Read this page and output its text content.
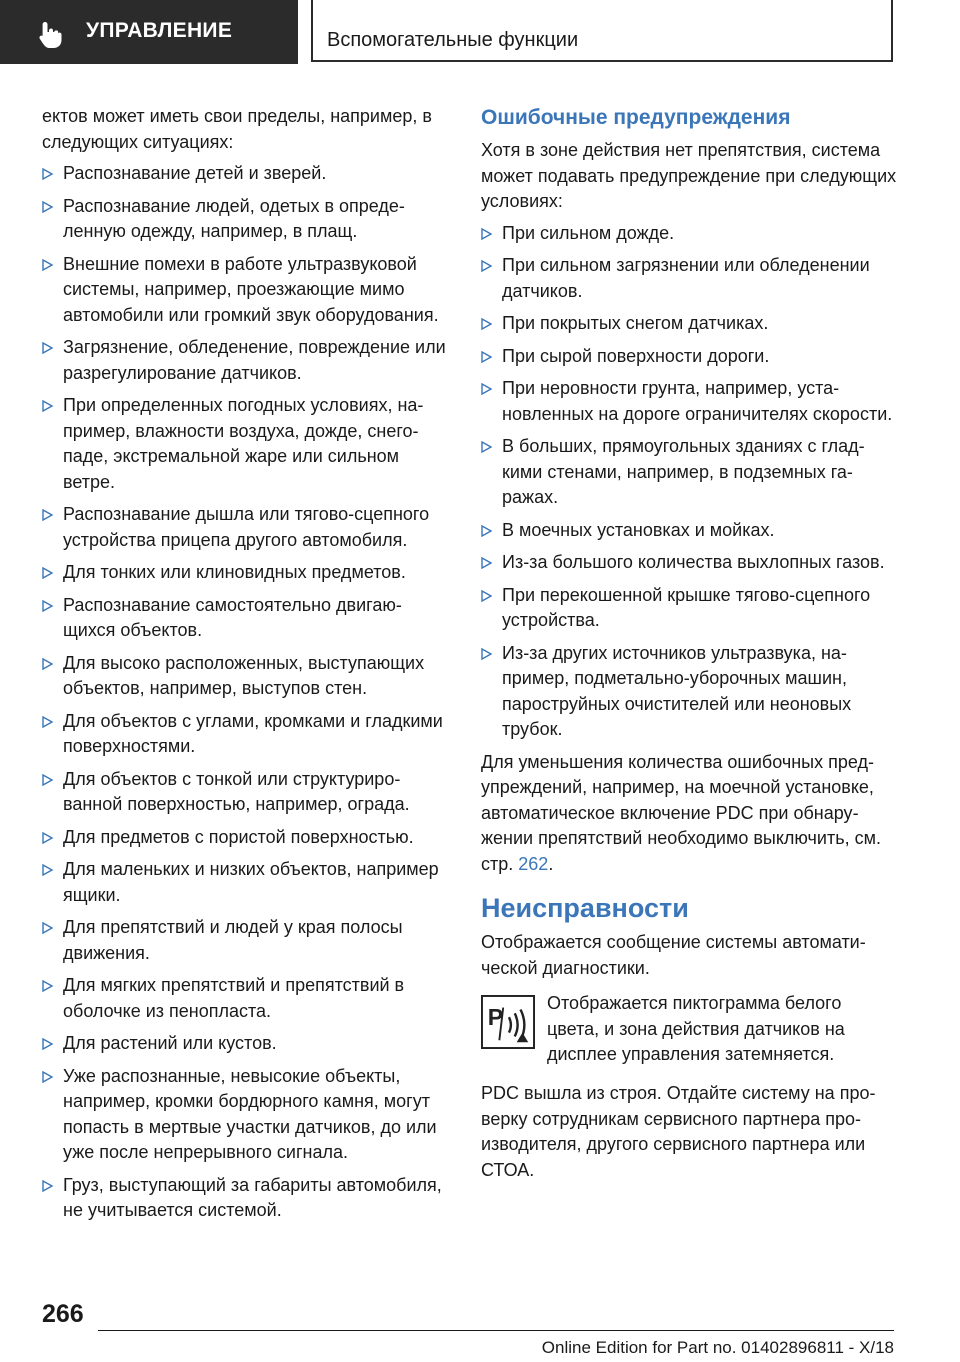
УПРАВЛЕНИЕ	Вспомогательные функции

ектов может иметь свои пределы, например, в следующих ситуациях:

Распознавание детей и зверей.
Распознавание людей, одетых в определенную одежду, например, в плащ.
Внешние помехи в работе ультразвуковой системы, например, проезжающие мимо автомобили или громкий звук оборудования.
Загрязнение, обледенение, повреждение или разрегулирование датчиков.
При определенных погодных условиях, например, влажности воздуха, дожде, снегопаде, экстремальной жаре или сильном ветре.
Распознавание дышла или тягово-сцепного устройства прицепа другого автомобиля.
Для тонких или клиновидных предметов.
Распознавание самостоятельно двигающихся объектов.
Для высоко расположенных, выступающих объектов, например, выступов стен.
Для объектов с углами, кромками и гладкими поверхностями.
Для объектов с тонкой или структурированной поверхностью, например, ограда.
Для предметов с пористой поверхностью.
Для маленьких и низких объектов, например ящики.
Для препятствий и людей у края полосы движения.
Для мягких препятствий и препятствий в оболочке из пенопласта.
Для растений или кустов.
Уже распознанные, невысокие объекты, например, кромки бордюрного камня, могут попасть в мертвые участки датчиков, до или уже после непрерывного сигнала.
Груз, выступающий за габариты автомобиля, не учитывается системой.
Ошибочные предупреждения

Хотя в зоне действия нет препятствия, система может подавать предупреждение при следующих условиях:

При сильном дожде.
При сильном загрязнении или обледенении датчиков.
При покрытых снегом датчиках.
При сырой поверхности дороги.
При неровности грунта, например, установленных на дороге ограничителях скорости.
В больших, прямоугольных зданиях с гладкими стенами, например, в подземных гаражах.
В моечных установках и мойках.
Из-за большого количества выхлопных газов.
При перекошенной крышке тягово-сцепного устройства.
Из-за других источников ультразвука, например, подметально-уборочных машин, пароструйных очистителей или неоновых трубок.

Для уменьшения количества ошибочных предупреждений, например, на моечной установке, автоматическое включение PDC при обнаружении препятствий необходимо выключить, см. стр. 262.

Неисправности

Отображается сообщение системы автоматической диагностики.

P
Отображается пиктограмма белого цвета, и зона действия датчиков на дисплее управления затемняется.

PDC вышла из строя. Отдайте систему на проверку сотрудникам сервисного партнера производителя, другого сервисного партнера или СТОА.

266
Online Edition for Part no. 01402896811 - X/18
